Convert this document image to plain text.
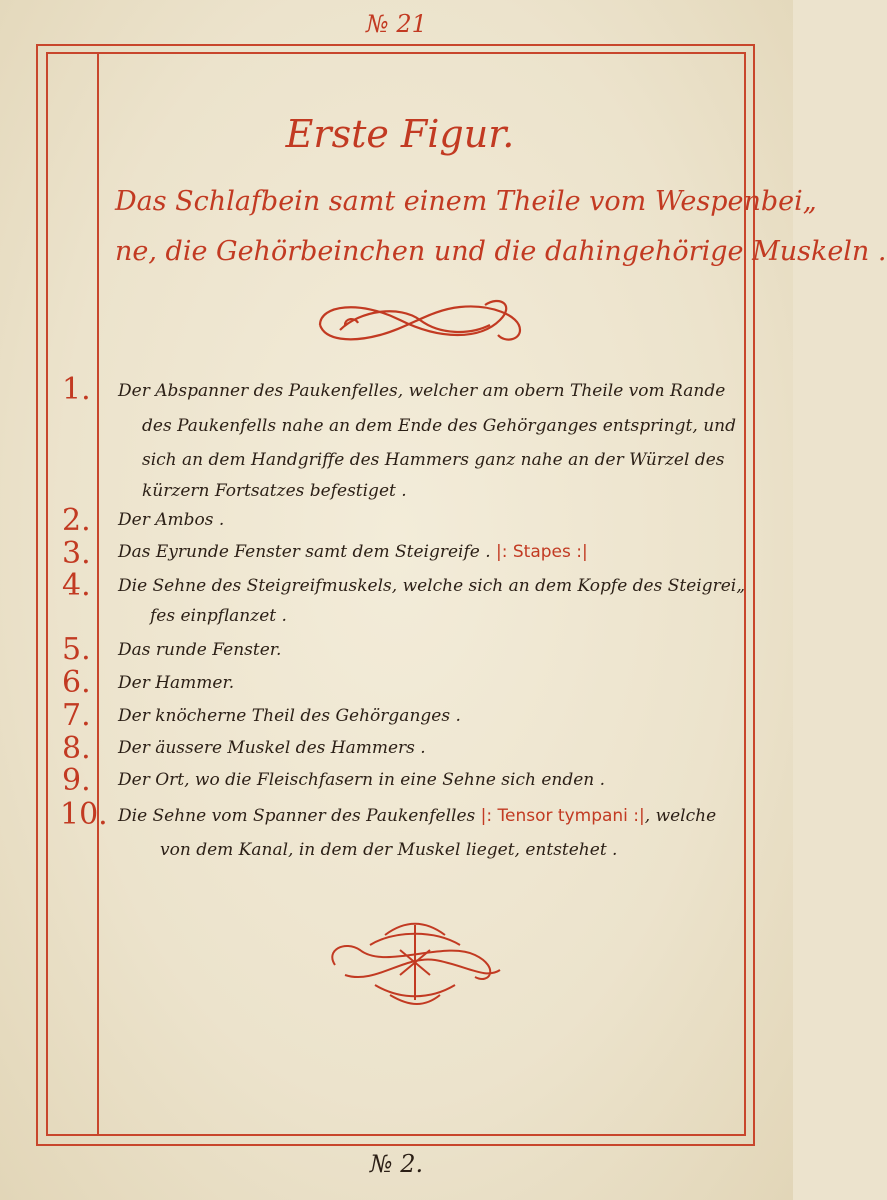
№ 21
Erste Figur.
Das Schlafbein samt einem Theile vom Wespenbei„
ne, die Gehörbeinchen und die dahingehörige Muskeln .
1.	Der Abspanner des Paukenfelles, welcher am obern Theile vom Rande
des Paukenfells nahe an dem Ende des Gehörganges entspringt, und
sich an dem Handgriffe des Hammers ganz nahe an der Würzel des
kürzern Fortsatzes befestiget .
2.	Der Ambos .
3.	Das Eyrunde Fenster samt dem Steigreife . |: Stapes :|
4.	Die Sehne des Steigreifmuskels, welche sich an dem Kopfe des Steigrei„
fes einpflanzet .
5.	Das runde Fenster.
6.	Der Hammer.
7.	Der knöcherne Theil des Gehörganges .
8.	Der äussere Muskel des Hammers .
9.	Der Ort, wo die Fleischfasern in eine Sehne sich enden .
10. Die Sehne vom Spanner des Paukenfelles |: Tensor tympani :|, welche
von dem Kanal, in dem der Muskel lieget, entstehet .
№ 2.
